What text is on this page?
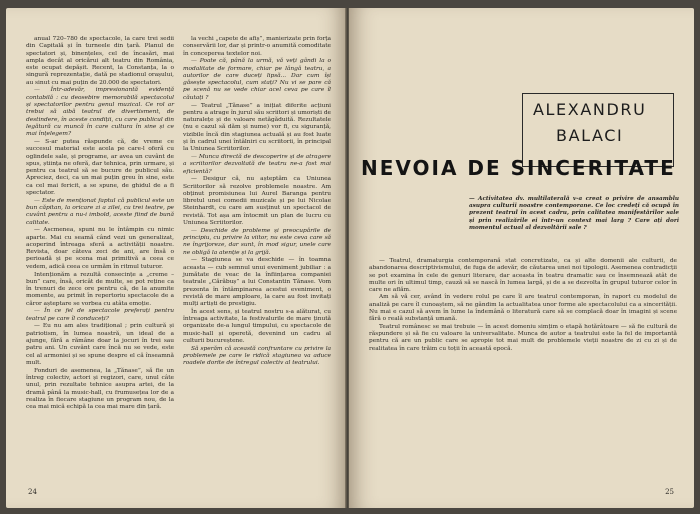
anual 720–780 de spectacole, la care trei sedii din Capitală și în turneele din țară. Planul de spectatori și, binențeles, cel de încasări, mai ampla decât al oricărui alt teatru din România, este ocupat depășit. Recent, la Constanța, la o singură reprezentație, dată pe stadionul orașului, au sinut cu mai puțin de 20.000 de spectatori.

— Într-adevăr, impresionantă evidență contabilă : cu deosebire memorabilă spectacolul și spectatorilor pentru genul muzical. Ce rol ar trebui să aibă teatrul de divertisment, de destindere, în aceste condiții, cu care publicul din legătură cu muncă în care cultura în sine și ce mai înțelegem?

— S-ar putea răspunde că, de vreme ce succesul material este acela pe care-l oferă cu oglindele sale, și programe, ar avea un cuvânt de spus, știința ne oferă, dar tehnica, prin urmare, și pentru ca teatrul să se bucure de publicul său. Apreciez, deci, ca un mai puțin greu în sine, este ca cel mai fericit, a se spune, de ghidul de a fi spectator.

— Este de menționat faptul că publicul este un bun căpitan, la oricare zi a zilei, cu trei teatre, pe cuvânt pentru a nu-i imbold, aceste fiind de bună calitate.

— Ascmenea, spuni nu le întâmpin cu nimic aparte. Mai cu seamă când vezi un generalizat, acoperind întreaga sferă a activității noastre. Revista, doar câteva zeci de ani, are însă o perioadă și pe scena mai primitivă a ceea ce vedem, adică ceea ce urmăm în ritmul tuturor.

Intenționăm a rezultă consecințe a „creme – bun” care, însă, oricât de multe, se pot reține ca în trenuri de zece ore pentru că, de la anumite momente, au primit în repertoriu spectacole de a căror așteptare se vorbea cu atâta emoție.

— În ce fel de spectacole preferați pentru teatrul pe care îl conduceți?

— Eu nu am ales tradițional ; prin cultură și patriotism, în lumea noastră, un ideal de a ajunge, fără a rămâne doar la jocuri în trei sau patru ani. Un cuvânt care încă nu se vede, este cel al armoniei și se spune despre el că înseamnă mult.

Fonduri de asemenea, la „Tănase”, să fie un întreg colectiv, actori și regizori, care, unul câte unul, prin rezultate tehnice asupra artei, de la dramă până la music-hall, cu frumusețea lor de a realiza în fiecare stagiune un program nou, de la cea mai mică echipă la cea mai mare din țară.

la vechi „capete de afiș”, manierizate prin forța conservării lor, dar și printr-o anumită comoditate în conceperea textelor noi.

— Poate că, până la urmă, vă veți gândi la o modalitate de formare, chiar pe lângă teatru, a autorilor de care duceți lipsă... Dar cum își găsește spectacolul, cum stați? Nu vi se pare că pe scenă nu se vede chiar acel ceva pe care îl căutați ?

— Teatrul „Tănase” a inițiat diferite acțiuni pentru a atrage în jurul său scriitori și umoriști de naturalețe și de valoare netăgăduită. Rezultatele (nu e cazul să dăm și nume) vor fi, cu siguranță, vizibile încă din stagiunea actuală și au fost luate și în cadrul unei întâlniri cu scriitorii, în principal la Uniunea Scriitorilor.

— Munca directă de descoperire și de atragere a scriitorilor dezvoltată de teatru ne-a fost mai eficientă?

— Desigur că, nu așteptăm ca Uniunea Scriitorilor să rezolve problemele noastre. Am obținut promisiunea lui Aurel Baranga pentru libretul unei comedii muzicale și pe lui Nicolae Steinhardt, cu care am susținut un spectacol de revistă. Tot așa am întocmit un plan de lucru cu Uniunea Scriitorilor.

— Deschide de probleme și preocupările de principiu, cu privire la viitor, nu este ceva care să ne îngrijoreze, dar sunt, în mod sigur, unele care ne obligă la atenție și la grijă.

— Stagiunea se va deschide — în toamna aceasta — cub semnul unui eveniment jubiliar : a jumătate de veac de la înființarea companiei teatrale „Cărăbuș” a lui Constantin Tănase. Vom prezenta în întâmpinarea acestui eveniment, o revistă de mare amploare, la care au fost invitați mulți artiști de prestigiu.

În acest sens, și teatrul nostru s-a alăturat, cu întreaga activitate, la festivalurile de mare ținută organizate de-a lungul timpului, cu spectacole de music-hall și operetă, devenind un cadru al culturii bucureștene.

Să sperăm că această confruntare cu privire la problemele pe care le ridică stagiunea va aduce roadele dorite de întregul colectiv al teatrului.

24
ALEXANDRU
BALACI
NEVOIA DE SINCERITATE

— Activitatea dv. multilaterală v-a creat o privire de ansamblu asupra culturii noastre contemporane. Ce loc credeți că ocupă în prezent teatrul în acest cadru, prin calitatea manifestărilor sale și prin realizările ei într-un context mai larg ? Care ați dori momentul actual al dezvoltării sale ?

— Teatrul, dramaturgia contemporană stat concretizate, ca și alte domenii ale culturii, de abandonarea descriptivismului, de fuga de adevăr, de căutarea unei noi tipologii. Asemenea contradicții se pot examina în cele de genuri literare, dar aceasta în teatru dramatic sau ce însemnează atât de multe ori în ultimul timp, cauză să se nască în lumea largă, și de a se dezvolta în grupul tuturor celor în care ne aflăm.

Am să vă cer, având în vedere rolul pe care îl are teatrul contemporan, în raport cu modelul de analiză pe care îl cunoaștem, să ne gândim la actualitatea unor forme ale spectacolului ca a sincerității. Nu mai e cazul să avem în lume la îndemână o literatură care să se complacă doar în imagini și scene fără o reală substanță umană.

Teatrul românesc se mai trebuie — în acest domeniu simțim o etapă hotărâtoare — să fie cultură de răspundere și să fie cu valoare la universalitate. Munca de autor a teatrului este la fel de importantă pentru că are un public care se apropie tot mai mult de problemele vieții noastre de zi cu zi și de realitatea în care trăim cu toții în această epocă.

25
